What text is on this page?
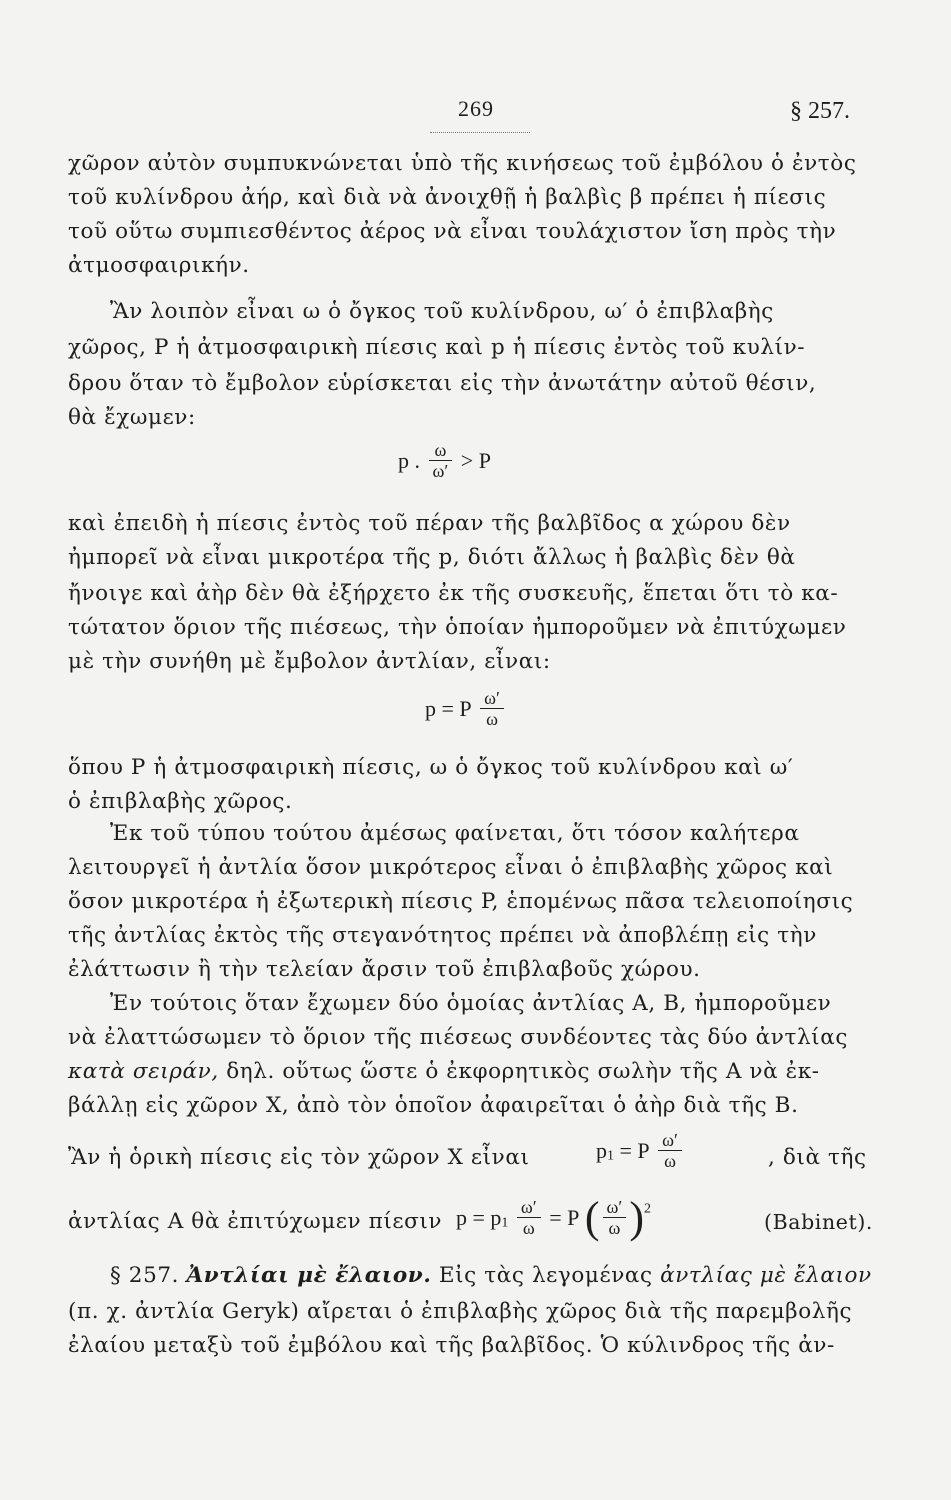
269	§ 257.
χῶρον αὐτὸν συμπυκνώνεται ὑπὸ τῆς κινήσεως τοῦ ἐμβόλου ὁ ἐντὸς
τοῦ κυλίνδρου ἀήρ, καὶ διὰ νὰ ἀνοιχθῇ ἡ βαλβὶς β πρέπει ἡ πίεσις
τοῦ οὕτω συμπιεσθέντος ἀέρος νὰ εἶναι τουλάχιστον ἴση πρὸς τὴν
ἀτμοσφαιρικήν.
Ἂν λοιπὸν εἶναι ω ὁ ὄγκος τοῦ κυλίνδρου, ω′ ὁ ἐπιβλαβὴς
χῶρος, P ἡ ἀτμοσφαιρικὴ πίεσις καὶ p ἡ πίεσις ἐντὸς τοῦ κυλίν-
δρου ὅταν τὸ ἔμβολον εὑρίσκεται εἰς τὴν ἀνωτάτην αὐτοῦ θέσιν,
θὰ ἔχωμεν:
p . $\frac{\omega}{\omega'} > P$
καὶ ἐπειδὴ ἡ πίεσις ἐντὸς τοῦ πέραν τῆς βαλβῖδος α χώρου δὲν
ἠμπορεῖ νὰ εἶναι μικροτέρα τῆς p, διότι ἄλλως ἡ βαλβὶς δὲν θὰ
ἤνοιγε καὶ ἀὴρ δὲν θὰ ἐξήρχετο ἐκ τῆς συσκευῆς, ἕπεται ὅτι τὸ κα-
τώτατον ὅριον τῆς πιέσεως, τὴν ὁποίαν ἠμποροῦμεν νὰ ἐπιτύχωμεν
μὲ τὴν συνήθη μὲ ἔμβολον ἀντλίαν, εἶναι:
p = P $\frac{\omega'}{\omega}$
ὅπου P ἡ ἀτμοσφαιρικὴ πίεσις, ω ὁ ὄγκος τοῦ κυλίνδρου καὶ ω′
ὁ ἐπιβλαβὴς χῶρος.
Ἐκ τοῦ τύπου τούτου ἀμέσως φαίνεται, ὅτι τόσον καλήτερα
λειτουργεῖ ἡ ἀντλία ὅσον μικρότερος εἶναι ὁ ἐπιβλαβὴς χῶρος καὶ
ὅσον μικροτέρα ἡ ἐξωτερικὴ πίεσις P, ἑπομένως πᾶσα τελειοποίησις
τῆς ἀντλίας ἐκτὸς τῆς στεγανότητος πρέπει νὰ ἀποβλέπῃ εἰς τὴν
ἐλάττωσιν ἢ τὴν τελείαν ἄρσιν τοῦ ἐπιβλαβοῦς χώρου.
Ἐν τούτοις ὅταν ἔχωμεν δύο ὁμοίας ἀντλίας A, B, ἠμποροῦμεν
νὰ ἐλαττώσωμεν τὸ ὅριον τῆς πιέσεως συνδέοντες τὰς δύο ἀντλίας
κατὰ σειράν, δηλ. οὕτως ὥστε ὁ ἐκφορητικὸς σωλὴν τῆς A νὰ ἐκ-
βάλλῃ εἰς χῶρον X, ἀπὸ τὸν ὁποῖον ἀφαιρεῖται ὁ ἀὴρ διὰ τῆς B.
Ἂν ἡ ὁρικὴ πίεσις εἰς τὸν χῶρον X εἶναι	$p_1 = P \frac{\omega'}{\omega}$	, διὰ τῆς
ἀντλίας A θὰ ἐπιτύχωμεν πίεσιν $p = p_1 \frac{\omega'}{\omega} = P$ ( $\frac{\omega'}{\omega} )^2$
(Babinet).
§ 257. Ἀντλίαι μὲ ἔλαιον. Εἰς τὰς λεγομένας ἀντλίας μὲ ἔλαιον
(π. χ. ἀντλία Geryk) αἴρεται ὁ ἐπιβλαβὴς χῶρος διὰ τῆς παρεμβολῆς
ἐλαίου μεταξὺ τοῦ ἐμβόλου καὶ τῆς βαλβῖδος. Ὁ κύλινδρος τῆς ἀν-
